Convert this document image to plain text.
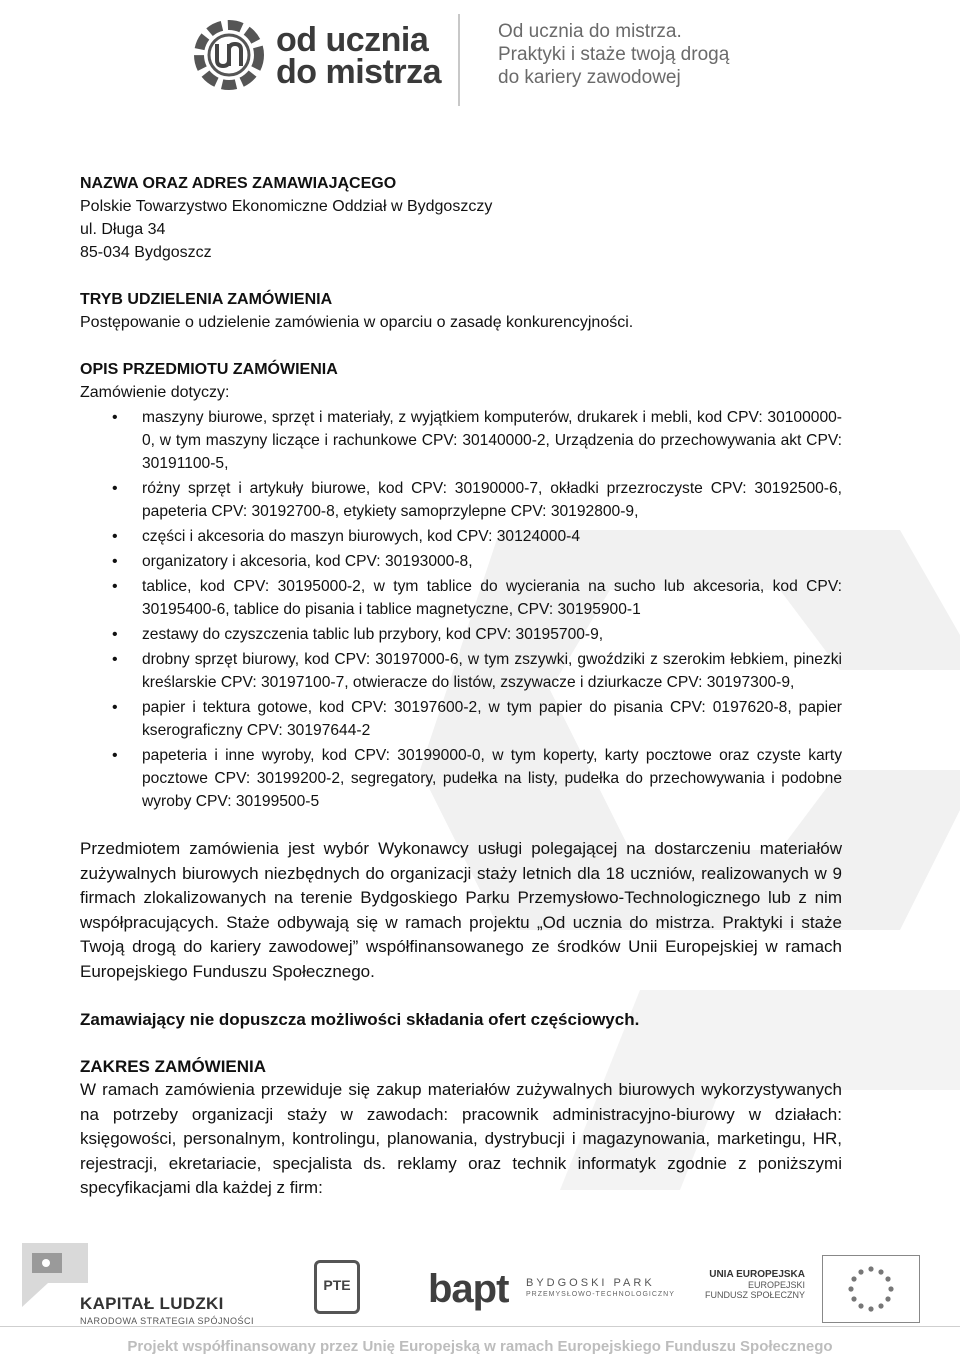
od ucznia
do mistrza
Od ucznia do mistrza.
Praktyki i staże twoją drogą
do kariery zawodowej

NAZWA ORAZ ADRES ZAMAWIAJĄCEGO

Polskie Towarzystwo Ekonomiczne Oddział w Bydgoszczy

ul. Długa 34

85-034 Bydgoszcz

TRYB UDZIELENIA ZAMÓWIENIA

Postępowanie o udzielenie zamówienia w oparciu o zasadę konkurencyjności.

OPIS PRZEDMIOTU ZAMÓWIENIA

Zamówienie dotyczy:

• maszyny biurowe, sprzęt i materiały, z wyjątkiem komputerów, drukarek i mebli, kod CPV: 30100000-0, w tym maszyny liczące i rachunkowe CPV: 30140000-2, Urządzenia do przechowywania akt CPV: 30191100-5,
• różny sprzęt i artykuły biurowe, kod CPV: 30190000-7, okładki przezroczyste CPV: 30192500-6, papeteria CPV: 30192700-8, etykiety samoprzylepne CPV: 30192800-9,
• części i akcesoria do maszyn biurowych, kod CPV: 30124000-4
• organizatory i akcesoria, kod CPV: 30193000-8,
• tablice, kod CPV: 30195000-2, w tym tablice do wycierania na sucho lub akcesoria, kod CPV: 30195400-6, tablice do pisania i tablice magnetyczne, CPV: 30195900-1
• zestawy do czyszczenia tablic lub przybory, kod CPV: 30195700-9,
• drobny sprzęt biurowy, kod CPV: 30197000-6, w tym zszywki, gwoździki z szerokim łebkiem, pinezki kreślarskie CPV: 30197100-7, otwieracze do listów, zszywacze i dziurkacze CPV: 30197300-9,
• papier i tektura gotowe, kod CPV: 30197600-2, w tym papier do pisania CPV: 0197620-8, papier kserograficzny CPV: 30197644-2
• papeteria i inne wyroby, kod CPV: 30199000-0, w tym koperty, karty pocztowe oraz czyste karty pocztowe CPV: 30199200-2, segregatory, pudełka na listy, pudełka do przechowywania i podobne wyroby CPV: 30199500-5

Przedmiotem zamówienia jest wybór Wykonawcy usługi polegającej na dostarczeniu materiałów zużywalnych biurowych niezbędnych do organizacji staży letnich dla 18 uczniów, realizowanych w 9 firmach zlokalizowanych na terenie Bydgoskiego Parku Przemysłowo-Technologicznego lub z nim współpracujących. Staże odbywają się w ramach projektu „Od ucznia do mistrza. Praktyki i staże Twoją drogą do kariery zawodowej” współfinansowanego ze środków Unii Europejskiej w ramach Europejskiego Funduszu Społecznego.

Zamawiający nie dopuszcza możliwości składania ofert częściowych.

ZAKRES ZAMÓWIENIA

W ramach zamówienia przewiduje się zakup materiałów zużywalnych biurowych wykorzystywanych na potrzeby organizacji staży w zawodach: pracownik administracyjno-biurowy w działach: księgowości, personalnym, kontrolingu, planowania, dystrybucji i magazynowania, marketingu, HR, rejestracji, ekretariacie, specjalista ds. reklamy oraz technik informatyk zgodnie z poniższymi specyfikacjami dla każdej z firm:

KAPITAŁ LUDZKI
NARODOWA STRATEGIA SPÓJNOŚCI
PTE bapt BYDGOSKI PARK
PRZEMYSŁOWO-TECHNOLOGICZNY
UNIA EUROPEJSKA
EUROPEJSKI
FUNDUSZ SPOŁECZNY
Projekt współfinansowany przez Unię Europejską w ramach Europejskiego Funduszu Społecznego
